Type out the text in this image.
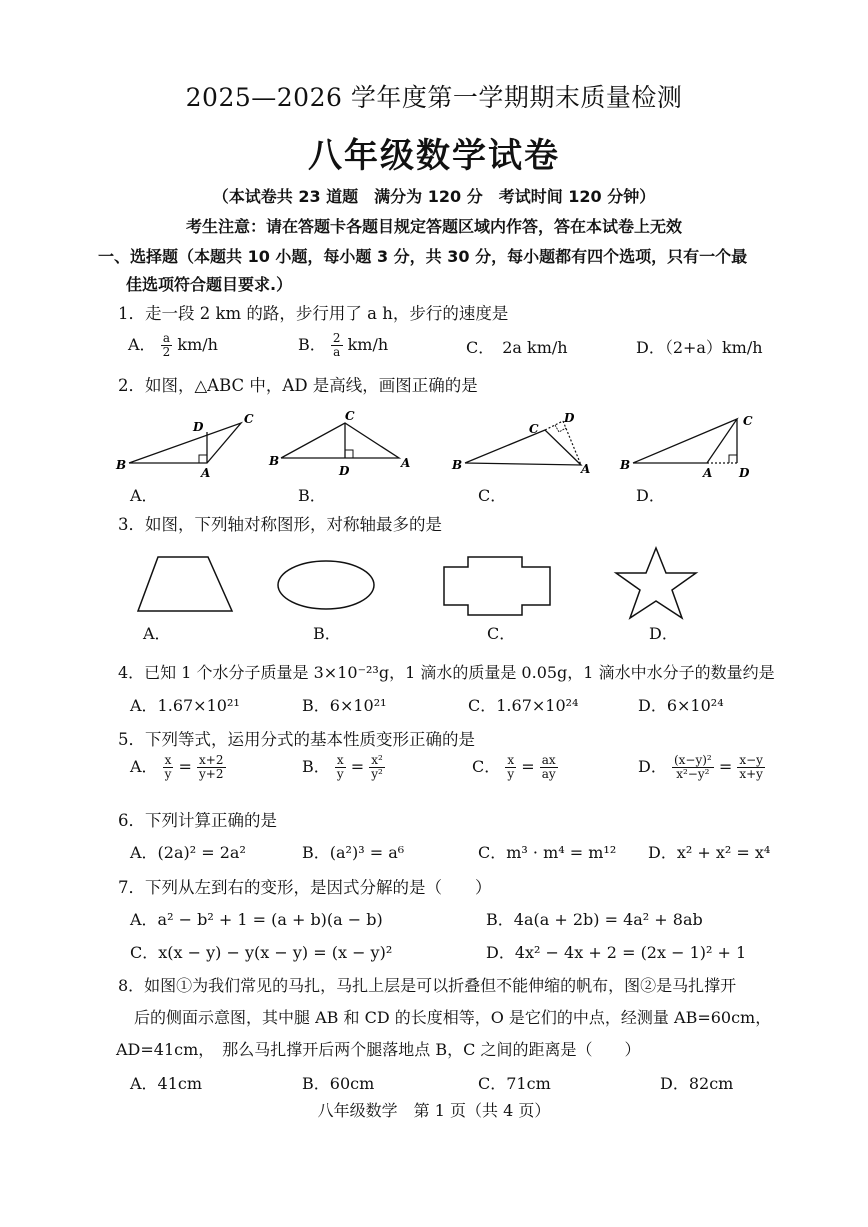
2025—2026 学年度第一学期期末质量检测
八年级数学试卷
（本试卷共 23 道题　满分为 120 分　考试时间 120 分钟）
考生注意：请在答题卡各题目规定答题区域内作答，答在本试卷上无效
一、选择题（本题共 10 小题，每小题 3 分，共 30 分，每小题都有四个选项，只有一个最
佳选项符合题目要求.）
1．走一段 2 km 的路，步行用了 a h，步行的速度是
A． $\frac{a}{2} km/h$	B． $\frac{2}{a} km/h$	C．　2a km/h	D．（2+a）km/h
2．如图，△ABC 中，AD 是高线，画图正确的是
B
C
D
A
B
C
D
A	B
C
D
A B
C
A D
A．	B．	C．	D．
3．如图，下列轴对称图形，对称轴最多的是
A．	B．	C．	D．
4．已知 1 个水分子质量是 3×10⁻²³g，1 滴水的质量是 0.05g，1 滴水中水分子的数量约是
A．1.67×10²¹	B．6×10²¹	C．1.67×10²⁴	D．6×10²⁴
5．下列等式，运用分式的基本性质变形正确的是
A． $\frac{x}{y} = \frac{x+2}{y+2}$	B． $\frac{x}{y} = \frac{\text{x²}}{\text{y²}}$	C． $\frac{x}{y} = \frac{ax}{ay}$	D． $\frac{\text{(x−y)²}}{\text{x²−y²}} = \frac{x-y}{x+y}$
6．下列计算正确的是
A．(2a)² = 2a²	B．(a²)³ = a⁶	C．m³ · m⁴ = m¹² D．x² + x² = x⁴
7．下列从左到右的变形，是因式分解的是（　　）
A．a² − b² + 1 = (a + b)(a − b)	B．4a(a + 2b) = 4a² + 8ab
C．x(x − y) − y(x − y) = (x − y)²	D．4x² − 4x + 2 = (2x − 1)² + 1
8．如图①为我们常见的马扎，马扎上层是可以折叠但不能伸缩的帆布，图②是马扎撑开
后的侧面示意图，其中腿 AB 和 CD 的长度相等，O 是它们的中点，经测量 AB=60cm，
AD=41cm，　那么马扎撑开后两个腿落地点 B，C 之间的距离是（　　）
A．41cm	B．60cm	C．71cm	D．82cm
八年级数学　第 1 页（共 4 页）
